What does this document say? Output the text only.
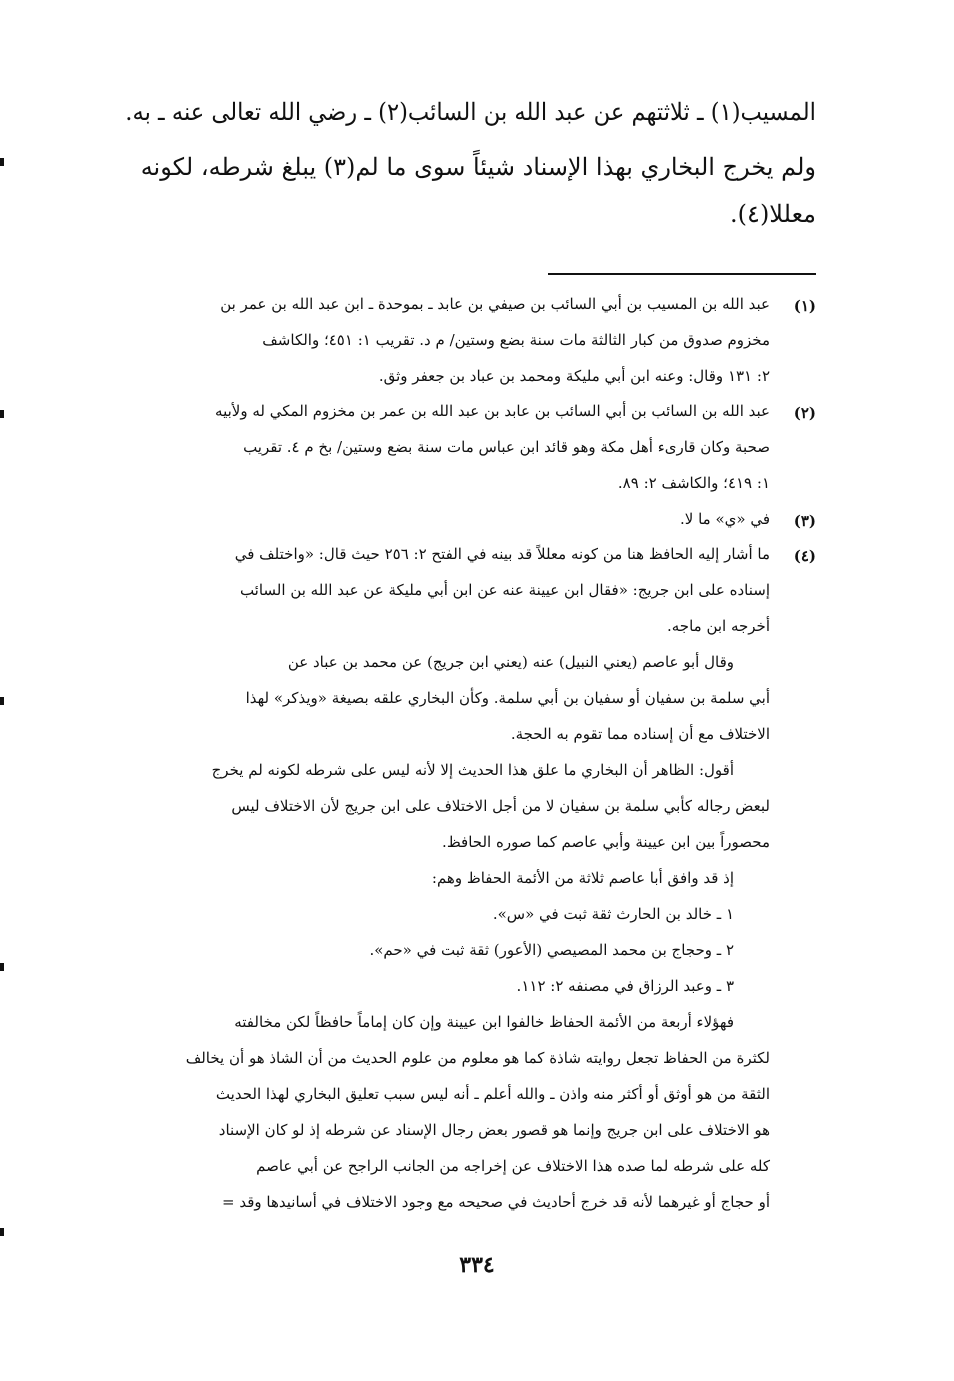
المسيب(١) ـ ثلاثتهم عن عبد الله بن السائب(٢) ـ رضي الله تعالى عنه ـ به.
ولم يخرج البخاري بهذا الإسناد شيئاً سوى ما لم(٣) يبلغ شرطه، لكونه
معللا(٤).
(١)
عبد الله بن المسيب بن أبي السائب بن صيفي بن عابد ـ بموحدة ـ ابن عبد الله بن عمر بن
مخزوم صدوق من كبار الثالثة مات سنة بضع وستين/ م د. تقريب ١: ٤٥١؛ والكاشف
٢: ١٣١ وقال: وعنه ابن أبي مليكة ومحمد بن عباد بن جعفر وثق.
(٢)
عبد الله بن السائب بن أبي السائب بن عابد بن عبد الله بن عمر بن مخزوم المكي له ولأبيه
صحبة وكان قارىء أهل مكة وهو قائد ابن عباس مات سنة بضع وستين/ بخ م ٤. تقريب
١: ٤١٩؛ والكاشف ٢: ٨٩.
(٣)
في «ي» ما لا.
(٤)
ما أشار إليه الحافظ هنا من كونه معللاً قد بينه في الفتح ٢: ٢٥٦ حيث قال: «واختلف في
إسناده على ابن جريج: «فقال ابن عيينة عنه عن ابن أبي مليكة عن عبد الله بن السائب
أخرجه ابن ماجه.
وقال أبو عاصم (يعني النبيل) عنه (يعني ابن جريج) عن محمد بن عباد عن
أبي سلمة بن سفيان أو سفيان بن أبي سلمة. وكأن البخاري علقه بصيغة «ويذكر» لهذا
الاختلاف مع أن إسناده مما تقوم به الحجة.
أقول: الظاهر أن البخاري ما علق هذا الحديث إلا لأنه ليس على شرطه لكونه لم يخرج
لبعض رجاله كأبي سلمة بن سفيان لا من أجل الاختلاف على ابن جريج لأن الاختلاف ليس
محصوراً بين ابن عيينة وأبي عاصم كما صوره الحافظ.
إذ قد وافق أبا عاصم ثلاثة من الأئمة الحفاظ وهم:
١ ـ خالد بن الحارث ثقة ثبت في «س».
٢ ـ وحجاج بن محمد المصيصي (الأعور) ثقة ثبت في «حم».
٣ ـ وعبد الرزاق في مصنفه ٢: ١١٢.
فهؤلاء أربعة من الأئمة الحفاظ خالفوا ابن عيينة وإن كان إماماً حافظاً لكن مخالفته
لكثرة من الحفاظ تجعل روايته شاذة كما هو معلوم من علوم الحديث من أن الشاذ هو أن يخالف
الثقة من هو أوثق أو أكثر منه واذن ـ والله أعلم ـ أنه ليس سبب تعليق البخاري لهذا الحديث
هو الاختلاف على ابن جريج وإنما هو قصور بعض رجال الإسناد عن شرطه إذ لو كان الإسناد
كله على شرطه لما صده هذا الاختلاف عن إخراجه من الجانب الراجح عن أبي عاصم
أو حجاج أو غيرهما لأنه قد خرج أحاديث في صحيحه مع وجود الاختلاف في أسانيدها وقد =
٣٣٤
